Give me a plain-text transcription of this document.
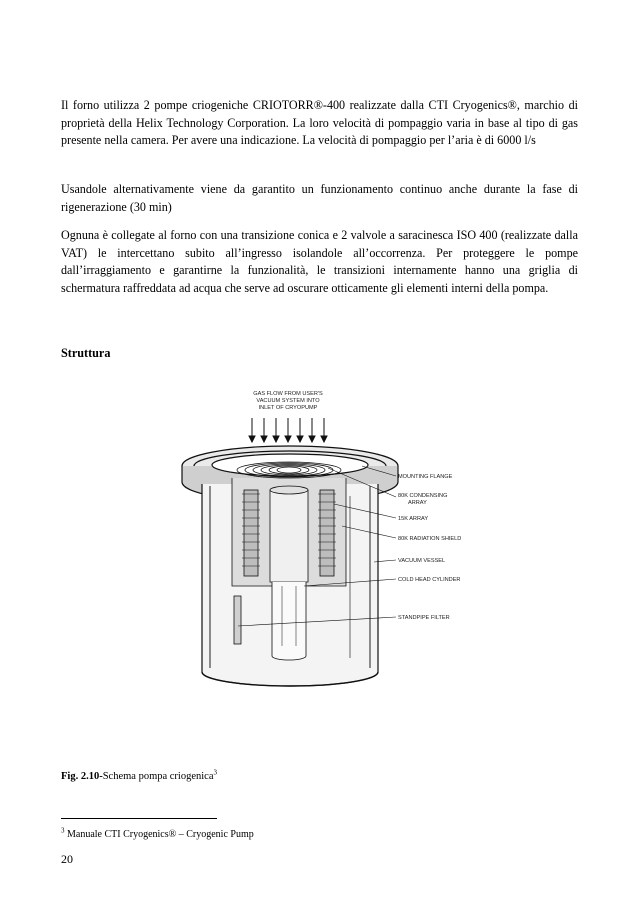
Il forno utilizza 2 pompe criogeniche CRIOTORR®-400 realizzate dalla CTI Cryogenics®, marchio di proprietà della Helix Technology Corporation. La loro velocità di pompaggio varia in base al tipo di gas presente nella camera. Per avere una indicazione. La velocità di pompaggio per l’aria è di 6000 l/s

Usandole alternativamente viene da garantito un funzionamento continuo anche durante la fase di rigenerazione (30 min)

Ognuna è collegate al forno con una transizione conica e 2 valvole a saracinesca ISO 400 (realizzate dalla VAT) le intercettano subito all’ingresso isolandole all’occorrenza. Per proteggere le pompe dall’irraggiamento e garantirne la funzionalità, le transizioni internamente hanno una griglia di schermatura raffreddata ad acqua che serve ad oscurare otticamente gli elementi interni della pompa.

Struttura

GAS FLOW FROM USER'S
VACUUM SYSTEM INTO
INLET OF CRYOPUMP
MOUNTING FLANGE
80K CONDENSING
ARRAY
15K ARRAY
80K RADIATION SHIELD
VACUUM VESSEL
COLD HEAD CYLINDER
STANDPIPE FILTER

Fig. 2.10-Schema pompa criogenica$^3$

$^3$ Manuale CTI Cryogenics® – Cryogenic Pump

20
